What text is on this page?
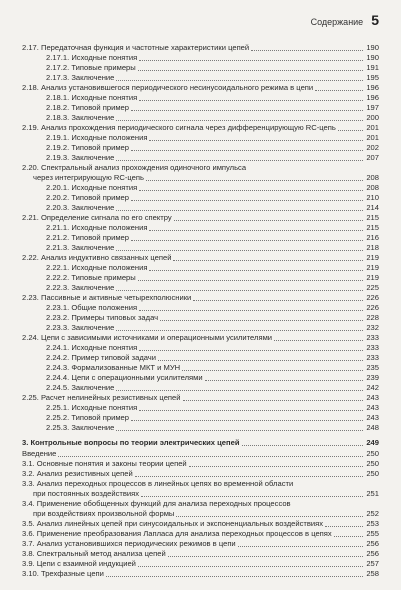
Содержание 5
2.17. Передаточная функция и частотные характеристики цепей	190
2.17.1. Исходные понятия	190
2.17.2. Типовые примеры	191
2.17.3. Заключение	195
2.18. Анализ установившегося периодического несинусоидального режима в цепи	196
2.18.1. Исходные понятия	196
2.18.2. Типовой пример	197
2.18.3. Заключение	200
2.19. Анализ прохождения периодического сигнала через дифференцирующую RC-цепь	201
2.19.1. Исходные положения	201
2.19.2. Типовой пример	202
2.19.3. Заключение	207
2.20. Спектральный анализ прохождения одиночного импульса
через интегрирующую RC-цепь	208
2.20.1. Исходные понятия	208
2.20.2. Типовой пример	210
2.20.3. Заключение	214
2.21. Определение сигнала по его спектру	215
2.21.1. Исходные положения	215
2.21.2. Типовой пример	216
2.21.3. Заключение	218
2.22. Анализ индуктивно связанных цепей	219
2.22.1. Исходные положения	219
2.22.2. Типовые примеры	219
2.22.3. Заключение	225
2.23. Пассивные и активные четырехполюсники	226
2.23.1. Общие положения	226
2.23.2. Примеры типовых задач	228
2.23.3. Заключение	232
2.24. Цепи с зависимыми источниками и операционными усилителями	233
2.24.1. Исходные понятия	233
2.24.2. Пример типовой задачи	233
2.24.3. Формализованные МКТ и МУН	235
2.24.4. Цепи с операционными усилителями	239
2.24.5. Заключение	242
2.25. Расчет нелинейных резистивных цепей	243
2.25.1. Исходные понятия	243
2.25.2. Типовой пример	243
2.25.3. Заключение	248
3. Контрольные вопросы по теории электрических цепей	249
Введение	250
3.1. Основные понятия и законы теории цепей	250
3.2. Анализ резистивных цепей	250
3.3. Анализ переходных процессов в линейных цепях во временной области
при постоянных воздействиях	251
3.4. Применение обобщенных функций для анализа переходных процессов
при воздействиях произвольной формы	252
3.5. Анализ линейных цепей при синусоидальных и экспоненциальных воздействиях	253
3.6. Применение преобразования Лапласа для анализа переходных процессов в цепях	255
3.7. Анализ установившихся периодических режимов в цепи	256
3.8. Спектральный метод анализа цепей	256
3.9. Цепи с взаимной индукцией	257
3.10. Трехфазные цепи	258
